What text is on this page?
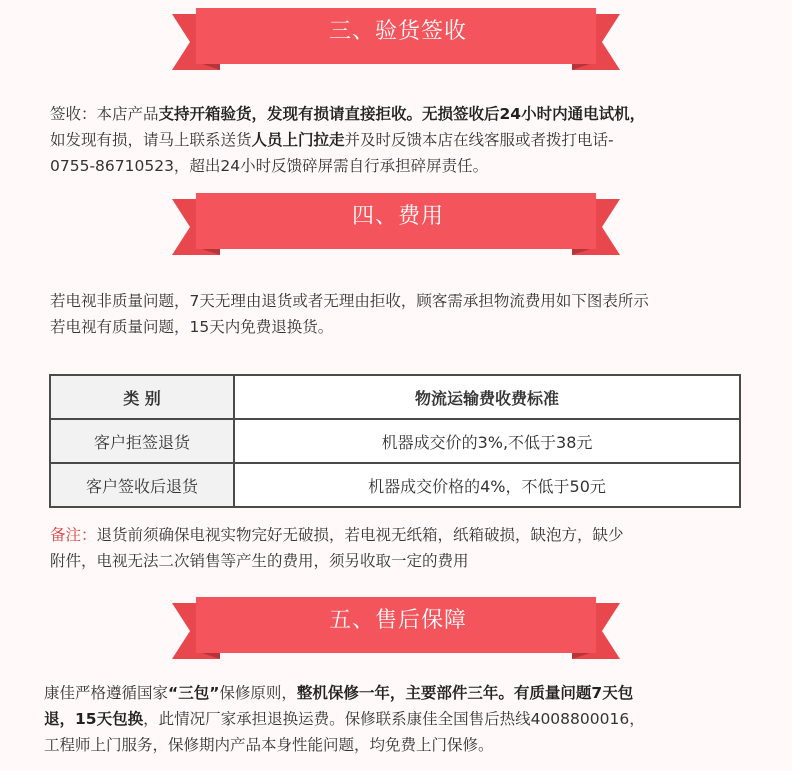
三、验货签收
签收：本店产品支持开箱验货，发现有损请直接拒收。无损签收后24小时内通电试机，
如发现有损，请马上联系送货人员上门拉走并及时反馈本店在线客服或者拨打电话-
0755-86710523，超出24小时反馈碎屏需自行承担碎屏责任。
四、费用
若电视非质量问题，7天无理由退货或者无理由拒收，顾客需承担物流费用如下图表所示
若电视有质量问题，15天内免费退换货。
类 别	物流运输费收费标准
客户拒签退货	机器成交价的3%,不低于38元
客户签收后退货	机器成交价格的4%，不低于50元
备注：退货前须确保电视实物完好无破损，若电视无纸箱，纸箱破损，缺泡方，缺少
附件，电视无法二次销售等产生的费用，须另收取一定的费用
五、售后保障
康佳严格遵循国家“三包”保修原则，整机保修一年，主要部件三年。有质量问题7天包
退，15天包换，此情况厂家承担退换运费。保修联系康佳全国售后热线4008800016，
工程师上门服务，保修期内产品本身性能问题，均免费上门保修。
